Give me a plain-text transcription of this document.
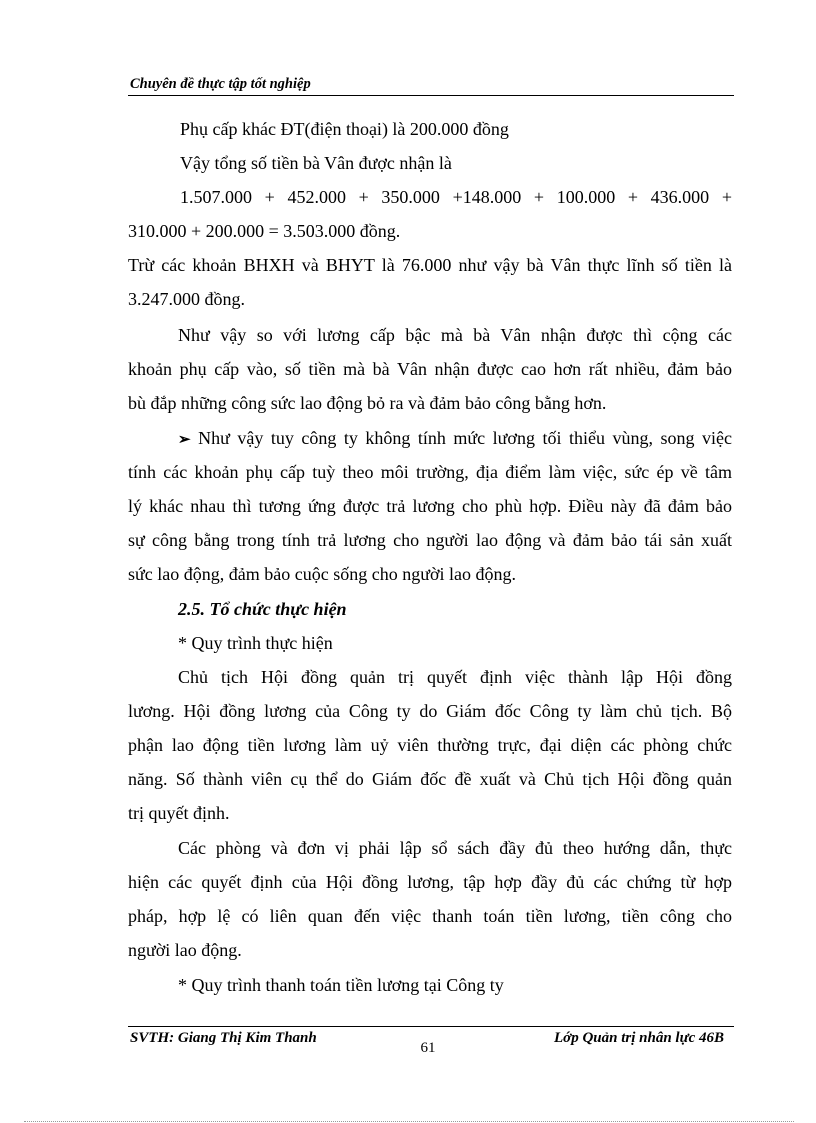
Chuyên đề thực tập tốt nghiệp
Phụ cấp khác ĐT(điện thoại) là 200.000 đồng
Vậy tổng số tiền bà Vân được nhận là
1.507.000 + 452.000 + 350.000 +148.000 + 100.000 + 436.000 +
310.000 + 200.000 = 3.503.000 đồng.
Trừ các khoản BHXH và BHYT là 76.000 như vậy bà Vân thực lĩnh số tiền là
3.247.000 đồng.
Như vậy so với lương cấp bậc mà bà Vân nhận được thì cộng các
khoản phụ cấp vào, số tiền mà bà Vân nhận được cao hơn rất nhiều, đảm bảo
bù đắp những công sức lao động bỏ ra và đảm bảo công bằng hơn.
➢ Như vậy tuy công ty không tính mức lương tối thiểu vùng, song việc
tính các khoản phụ cấp tuỳ theo môi trường, địa điểm làm việc, sức ép về tâm
lý khác nhau thì tương ứng được trả lương cho phù hợp. Điều này đã đảm bảo
sự công bằng trong tính trả lương cho người lao động và đảm bảo tái sản xuất
sức lao động, đảm bảo cuộc sống cho người lao động.
2.5. Tổ chức thực hiện
* Quy trình thực hiện
Chủ tịch Hội đồng quản trị quyết định việc thành lập Hội đồng
lương. Hội đồng lương của Công ty do Giám đốc Công ty làm chủ tịch. Bộ
phận lao động tiền lương làm uỷ viên thường trực, đại diện các phòng chức
năng. Số thành viên cụ thể do Giám đốc đề xuất và Chủ tịch Hội đồng quản
trị quyết định.
Các phòng và đơn vị phải lập sổ sách đầy đủ theo hướng dẫn, thực
hiện các quyết định của Hội đồng lương, tập hợp đầy đủ các chứng từ hợp
pháp, hợp lệ có liên quan đến việc thanh toán tiền lương, tiền công cho
người lao động.
* Quy trình thanh toán tiền lương tại Công ty
SVTH: Giang Thị Kim Thanh
61
Lớp Quản trị nhân lực 46B
